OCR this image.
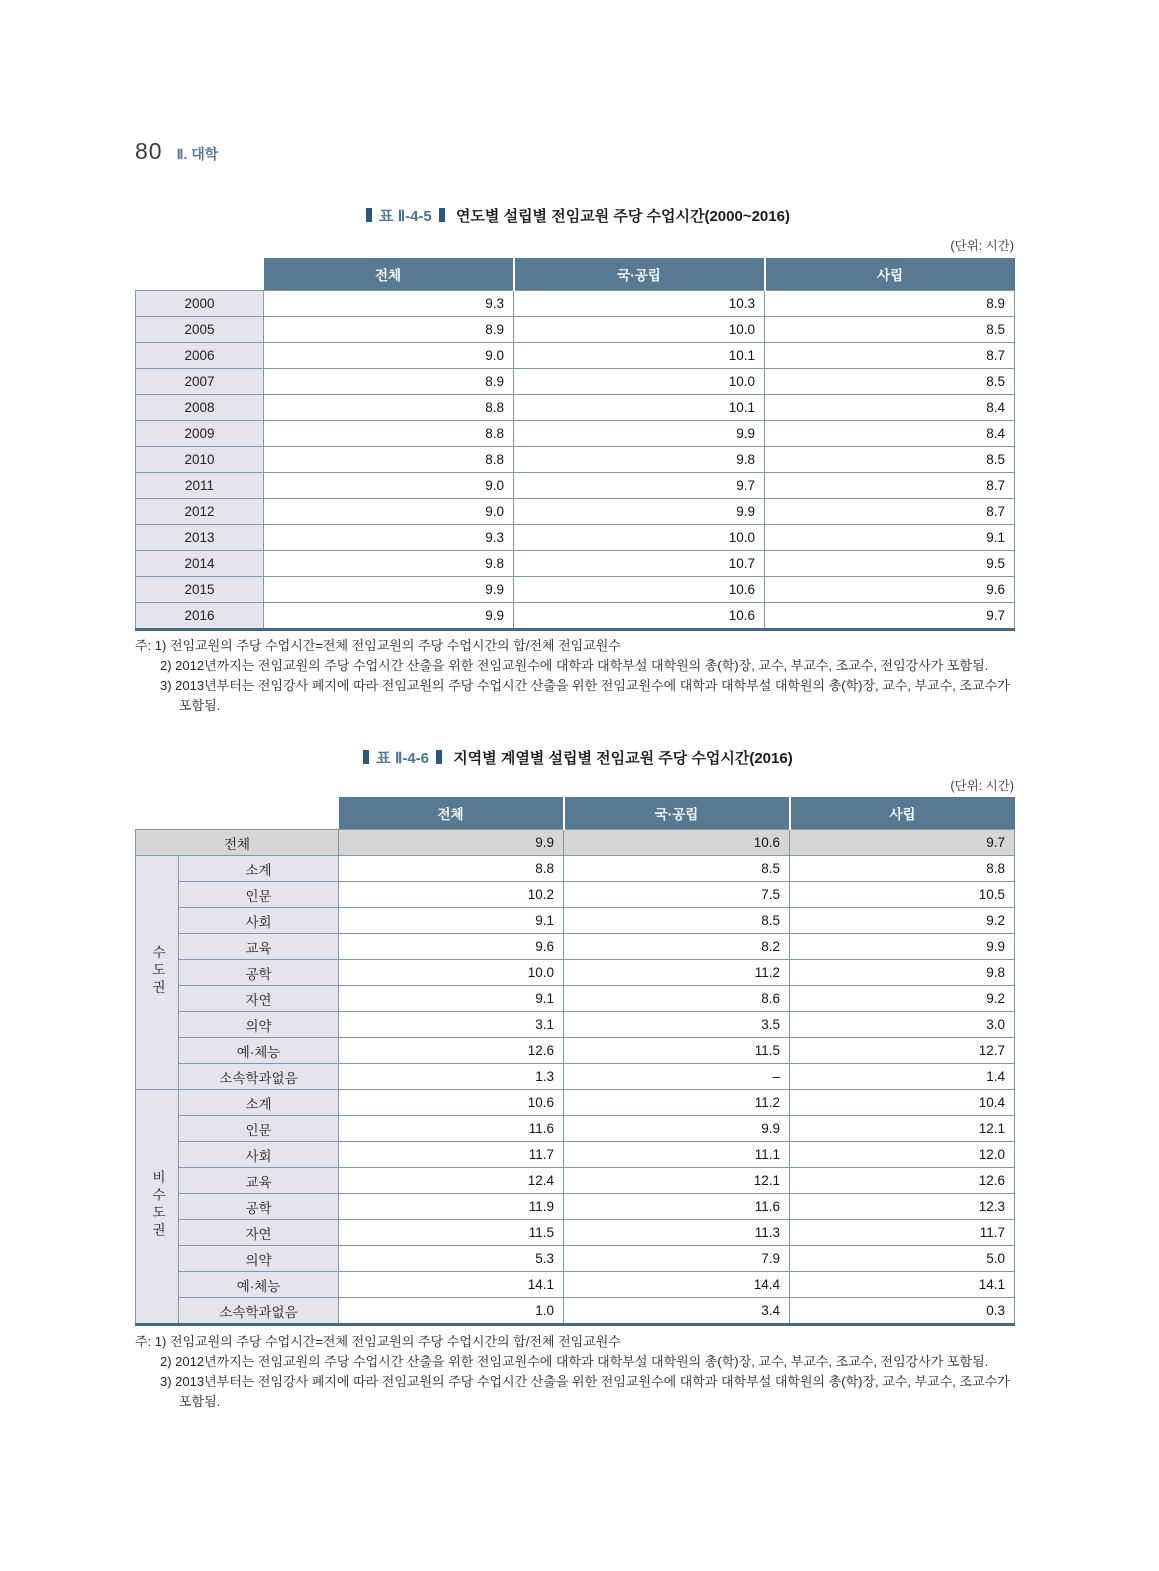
80 Ⅱ. 대학
표 Ⅱ-4-5 연도별 설립별 전임교원 주당 수업시간(2000~2016)
(단위: 시간)
	전체	국·공립	사립
2000	9.3	10.3	8.9
2005	8.9	10.0	8.5
2006	9.0	10.1	8.7
2007	8.9	10.0	8.5
2008	8.8	10.1	8.4
2009	8.8	9.9	8.4
2010	8.8	9.8	8.5
2011	9.0	9.7	8.7
2012	9.0	9.9	8.7
2013	9.3	10.0	9.1
2014	9.8	10.7	9.5
2015	9.9	10.6	9.6
2016	9.9	10.6	9.7
주: 1) 전임교원의 주당 수업시간=전체 전임교원의 주당 수업시간의 합/전체 전임교원수
2) 2012년까지는 전임교원의 주당 수업시간 산출을 위한 전임교원수에 대학과 대학부설 대학원의 총(학)장, 교수, 부교수, 조교수, 전임강사가 포함됨.
3) 2013년부터는 전임강사 폐지에 따라 전임교원의 주당 수업시간 산출을 위한 전임교원수에 대학과 대학부설 대학원의 총(학)장, 교수, 부교수, 조교수가 포함됨.
표 Ⅱ-4-6 지역별 계열별 설립별 전임교원 주당 수업시간(2016)
(단위: 시간)
		전체	국·공립	사립
전체		9.9	10.6	9.7
수도권	소계	8.8	8.5	8.8
	인문	10.2	7.5	10.5
	사회	9.1	8.5	9.2
	교육	9.6	8.2	9.9
	공학	10.0	11.2	9.8
	자연	9.1	8.6	9.2
	의약	3.1	3.5	3.0
	예·체능	12.6	11.5	12.7
	소속학과없음	1.3	–	1.4
비수도권	소계	10.6	11.2	10.4
	인문	11.6	9.9	12.1
	사회	11.7	11.1	12.0
	교육	12.4	12.1	12.6
	공학	11.9	11.6	12.3
	자연	11.5	11.3	11.7
	의약	5.3	7.9	5.0
	예·체능	14.1	14.4	14.1
	소속학과없음	1.0	3.4	0.3
주: 1) 전임교원의 주당 수업시간=전체 전임교원의 주당 수업시간의 합/전체 전임교원수
2) 2012년까지는 전임교원의 주당 수업시간 산출을 위한 전임교원수에 대학과 대학부설 대학원의 총(학)장, 교수, 부교수, 조교수, 전임강사가 포함됨.
3) 2013년부터는 전임강사 폐지에 따라 전임교원의 주당 수업시간 산출을 위한 전임교원수에 대학과 대학부설 대학원의 총(학)장, 교수, 부교수, 조교수가 포함됨.
